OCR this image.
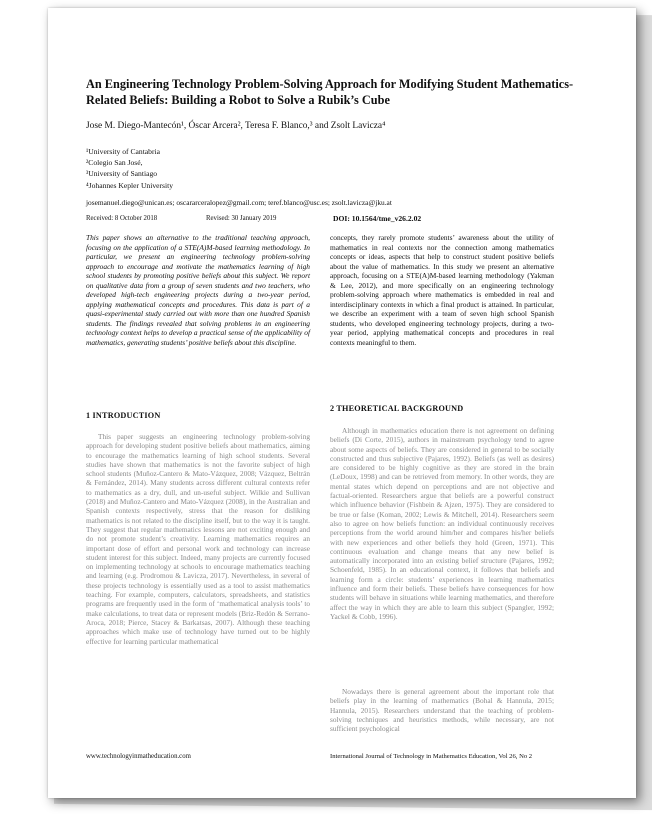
An Engineering Technology Problem-Solving Approach for Modifying Student Mathematics-Related Beliefs: Building a Robot to Solve a Rubik’s Cube
Jose M. Diego-Mantecón¹, Óscar Arcera², Teresa F. Blanco,³ and Zsolt Lavicza⁴
¹University of Cantabria
²Colegio San José,
³University of Santiago
⁴Johannes Kepler University
josemanuel.diego@unican.es; oscararceralopez@gmail.com; teref.blanco@usc.es; zsolt.lavicza@jku.at
Received: 8 October 2018	Revised: 30 January 2019	DOI: 10.1564/tme_v26.2.02

This paper shows an alternative to the traditional teaching approach, focusing on the application of a STE(A)M-based learning methodology. In particular, we present an engineering technology problem-solving approach to encourage and motivate the mathematics learning of high school students by promoting positive beliefs about this subject. We report on qualitative data from a group of seven students and two teachers, who developed high-tech engineering projects during a two-year period, applying mathematical concepts and procedures. This data is part of a quasi-experimental study carried out with more than one hundred Spanish students. The findings revealed that solving problems in an engineering technology context helps to develop a practical sense of the applicability of mathematics, generating students’ positive beliefs about this discipline.

concepts, they rarely promote students’ awareness about the utility of mathematics in real contexts nor the connection among mathematics concepts or ideas, aspects that help to construct student positive beliefs about the value of mathematics. In this study we present an alternative approach, focusing on a STE(A)M-based learning methodology (Yakman & Lee, 2012), and more specifically on an engineering technology problem-solving approach where mathematics is embedded in real and interdisciplinary contexts in which a final product is attained. In particular, we describe an experiment with a team of seven high school Spanish students, who developed engineering technology projects, during a two-year period, applying mathematical concepts and procedures in real contexts meaningful to them.

1 INTRODUCTION

This paper suggests an engineering technology problem-solving approach for developing student positive beliefs about mathematics, aiming to encourage the mathematics learning of high school students. Several studies have shown that mathematics is not the favorite subject of high school students (Muñoz-Cantero & Mato-Vázquez, 2008; Vázquez, Beltrán & Fernández, 2014). Many students across different cultural contexts refer to mathematics as a dry, dull, and un-useful subject. Wilkie and Sullivan (2018) and Muñoz-Cantero and Mato-Vázquez (2008), in the Australian and Spanish contexts respectively, stress that the reason for disliking mathematics is not related to the discipline itself, but to the way it is taught. They suggest that regular mathematics lessons are not exciting enough and do not promote student’s creativity. Learning mathematics requires an important dose of effort and personal work and technology can increase student interest for this subject. Indeed, many projects are currently focused on implementing technology at schools to encourage mathematics teaching and learning (e.g. Prodromou & Lavicza, 2017). Nevertheless, in several of these projects technology is essentially used as a tool to assist mathematics teaching. For example, computers, calculators, spreadsheets, and statistics programs are frequently used in the form of ‘mathematical analysis tools’ to make calculations, to treat data or represent models (Briz-Redón & Serrano-Aroca, 2018; Pierce, Stacey & Barkatsas, 2007). Although these teaching approaches which make use of technology have turned out to be highly effective for learning particular mathematical

2 THEORETICAL BACKGROUND

Although in mathematics education there is not agreement on defining beliefs (Di Corte, 2015), authors in mainstream psychology tend to agree about some aspects of beliefs. They are considered in general to be socially constructed and thus subjective (Pajares, 1992). Beliefs (as well as desires) are considered to be highly cognitive as they are stored in the brain (LeDoux, 1998) and can be retrieved from memory. In other words, they are mental states which depend on perceptions and are not objective and factual-oriented. Researchers argue that beliefs are a powerful construct which influence behavior (Fishbein & Ajzen, 1975). They are considered to be true or false (Koman, 2002; Lewis & Mitchell, 2014). Researchers seem also to agree on how beliefs function: an individual continuously receives perceptions from the world around him/her and compares his/her beliefs with new experiences and other beliefs they hold (Green, 1971). This continuous evaluation and change means that any new belief is automatically incorporated into an existing belief structure (Pajares, 1992; Schoenfeld, 1985). In an educational context, it follows that beliefs and learning form a circle: students’ experiences in learning mathematics influence and form their beliefs. These beliefs have consequences for how students will behave in situations while learning mathematics, and therefore affect the way in which they are able to learn this subject (Spangler, 1992; Yackel & Cobb, 1996).

Nowadays there is general agreement about the important role that beliefs play in the learning of mathematics (Bohal & Hannula, 2015; Hannula, 2015). Researchers understand that the teaching of problem-solving techniques and heuristics methods, while necessary, are not sufficient psychological

www.technologyinmatheducation.com	International Journal of Technology in Mathematics Education, Vol 26, No 2
